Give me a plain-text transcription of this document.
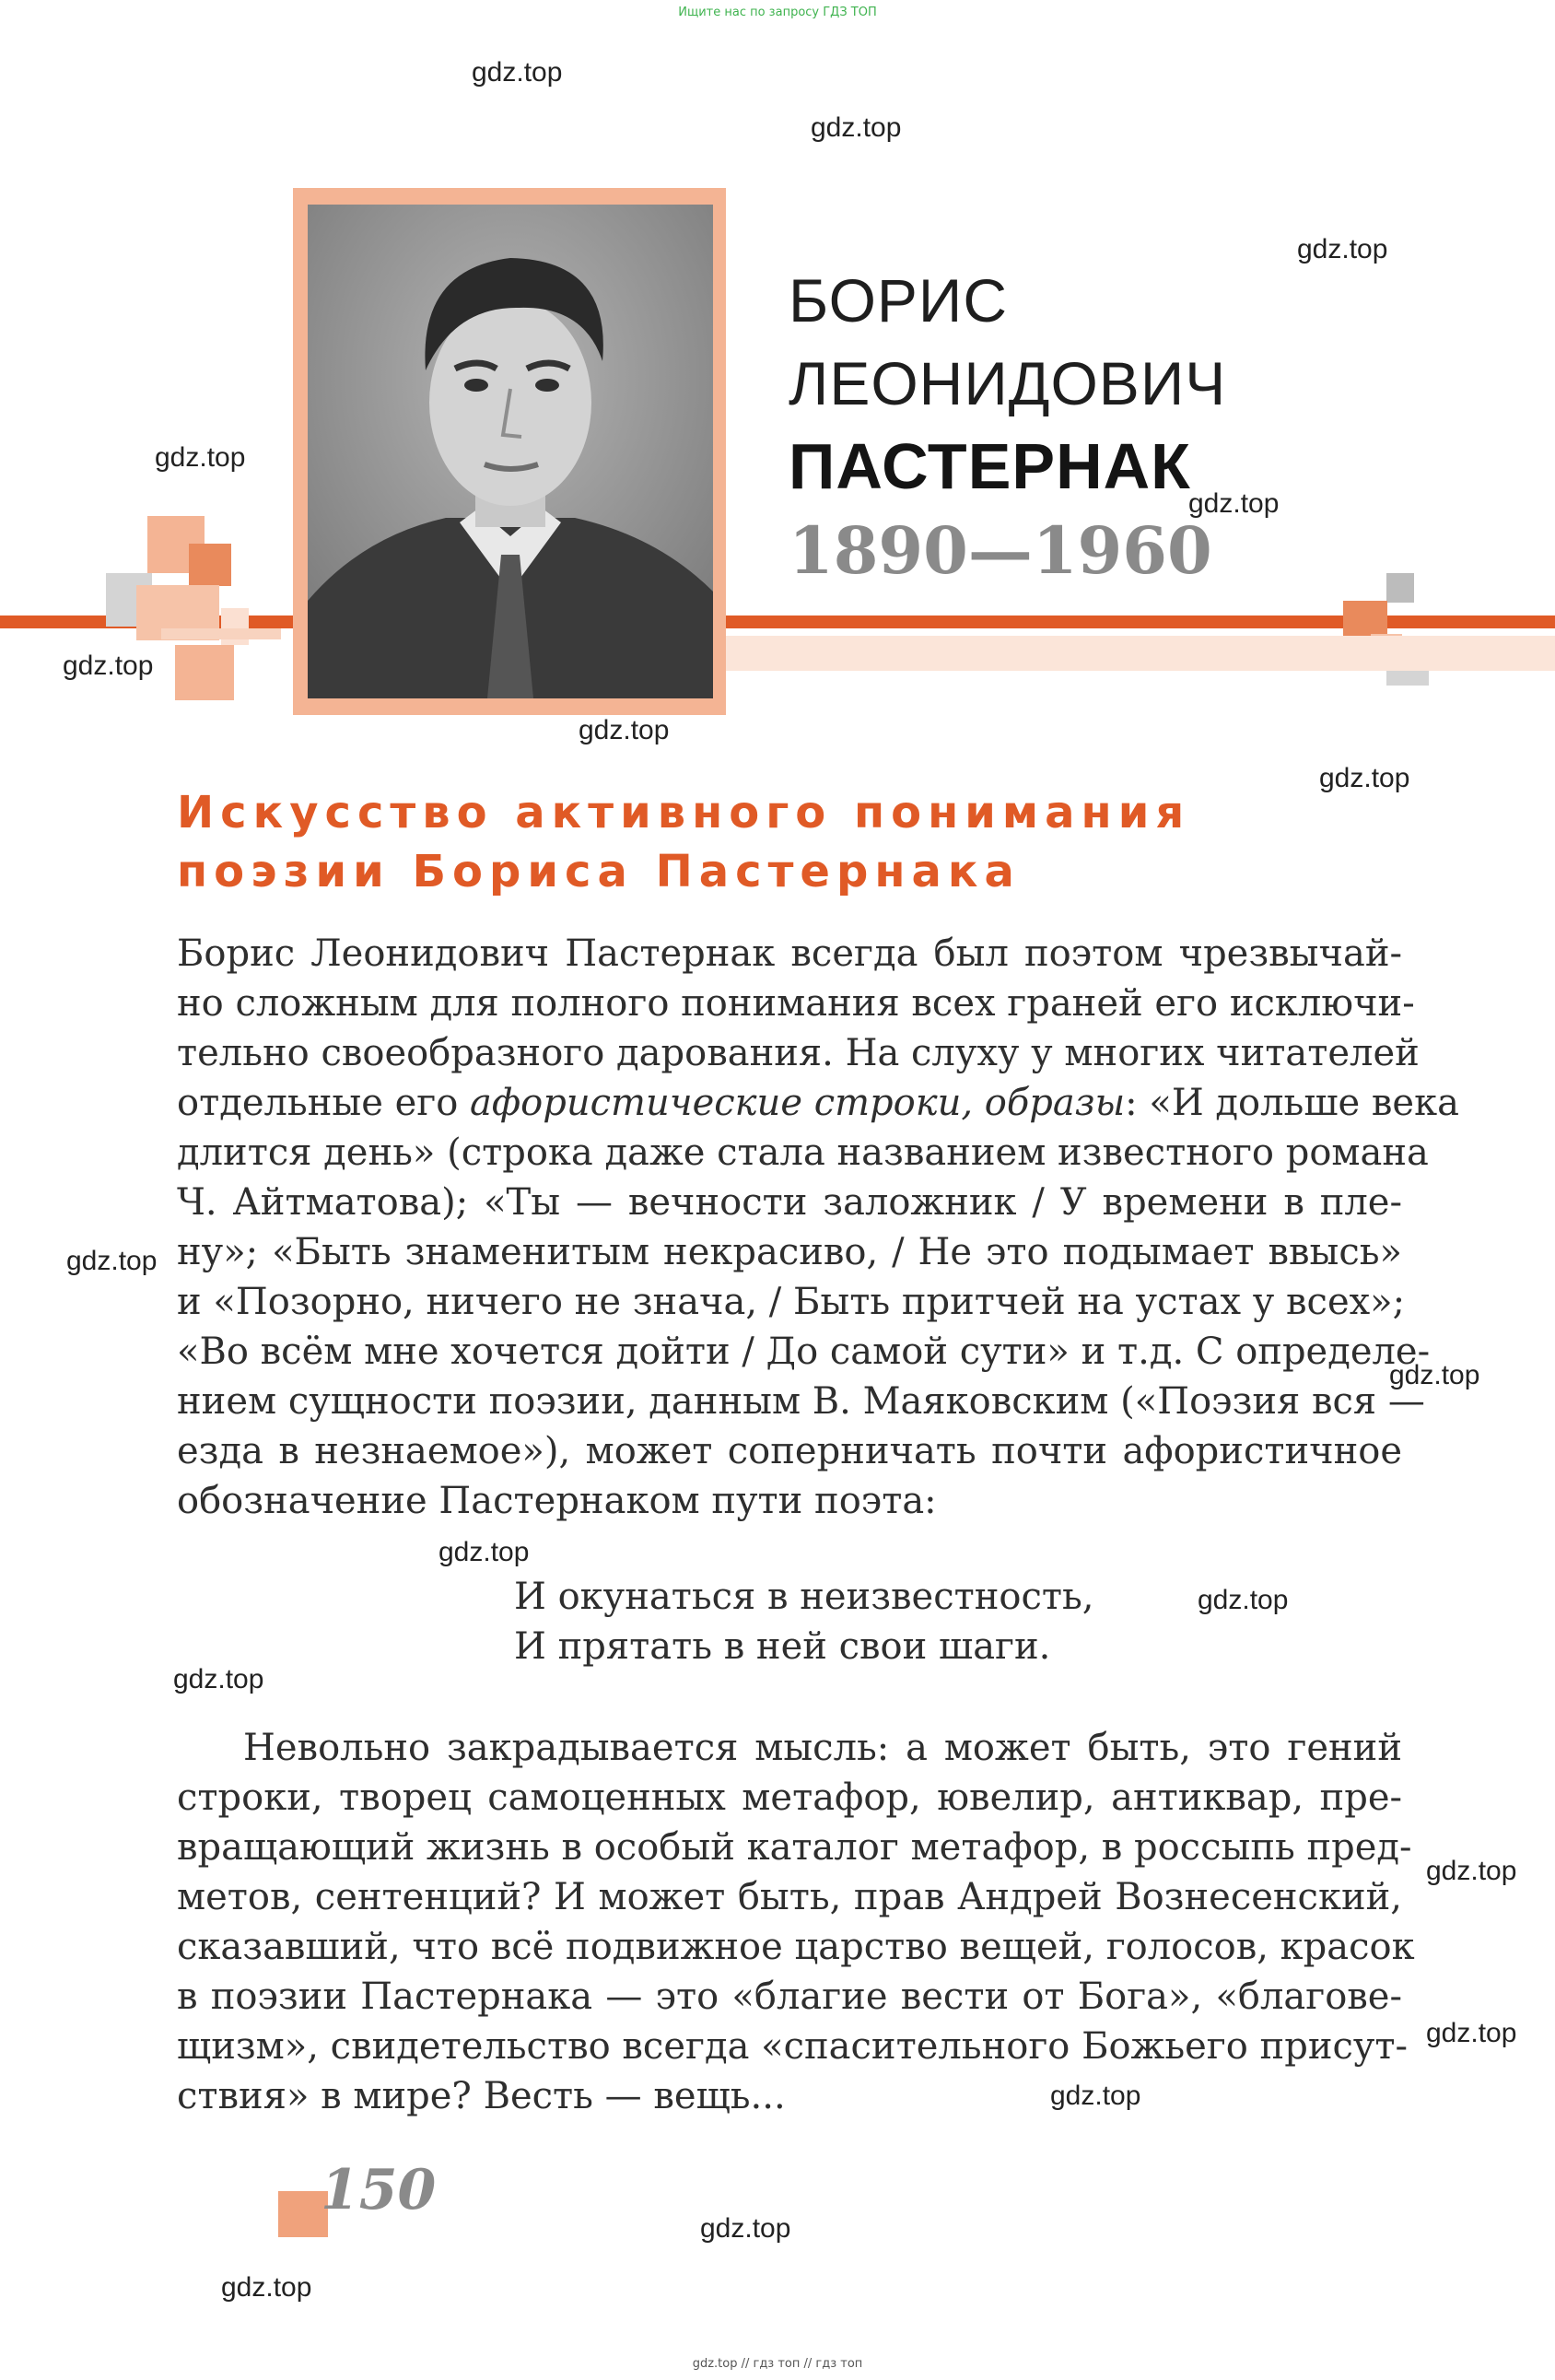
Ищите нас по запросу ГДЗ ТОП
БОРИС
ЛЕОНИДОВИЧ
ПАСТЕРНАК
1890—1960
Искусство активного понимания
поэзии Бориса Пастернака
Борис Леонидович Пастернак всегда был поэтом чрезвычай-
но сложным для полного понимания всех граней его исключи-
тельно своеобразного дарования. На слуху у многих читателей
отдельные его афористические строки, образы: «И дольше века
длится день» (строка даже стала названием известного романа
Ч. Айтматова); «Ты — вечности заложник / У времени в пле-
ну»; «Быть знаменитым некрасиво, / Не это подымает ввысь»
и «Позорно, ничего не знача, / Быть притчей на устах у всех»;
«Во всём мне хочется дойти / До самой сути» и т.д. С определе-
нием сущности поэзии, данным В. Маяковским («Поэзия вся —
езда в незнаемое»), может соперничать почти афористичное
обозначение Пастернаком пути поэта:
И окунаться в неизвестность,
И прятать в ней свои шаги.
Невольно закрадывается мысль: а может быть, это гений
строки, творец самоценных метафор, ювелир, антиквар, пре-
вращающий жизнь в особый каталог метафор, в россыпь пред-
метов, сентенций? И может быть, прав Андрей Вознесенский,
сказавший, что всё подвижное царство вещей, голосов, красок
в поэзии Пастернака — это «благие вести от Бога», «благове-
щизм», свидетельство всегда «спасительного Божьего присут-
ствия» в мире? Весть — вещь...
150
gdz.top
gdz.top
gdz.top
gdz.top
gdz.top
gdz.top
gdz.top
gdz.top
gdz.top
gdz.top
gdz.top
gdz.top
gdz.top
gdz.top
gdz.top
gdz.top
gdz.top
gdz.top
gdz.top // гдз топ // гдз топ
